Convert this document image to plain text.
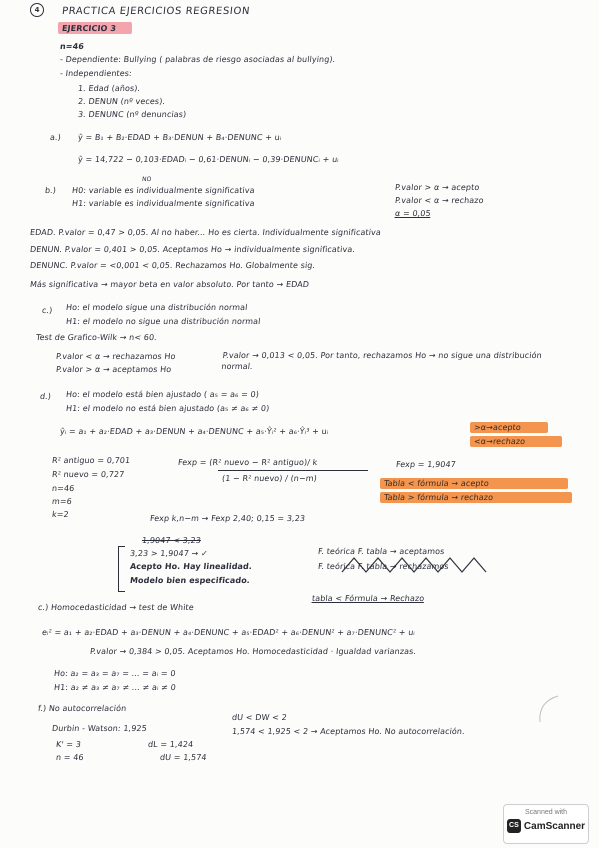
4	PRACTICA EJERCICIOS REGRESION
EJERCICIO 3
n=46
- Dependiente: Bullying ( palabras de riesgo asociadas al bullying).
- Independientes:
1. Edad (años).
2. DENUN (nº veces).
3. DENUNC (nº denuncias)
a.) ŷ = B₁ + B₂·EDAD + B₃·DENUN + B₄·DENUNC + uᵢ
ŷ = 14,722 − 0,103·EDADᵢ − 0,61·DENUNᵢ − 0,39·DENUNCᵢ + uᵢ
NO
b.) H0: variable es individualmente significativa
H1: variable es individualmente significativa
P.valor > α → acepto
P.valor < α → rechazo
α = 0,05
EDAD. P.valor = 0,47 > 0,05. Al no haber... Ho es cierta. Individualmente significativa
DENUN. P.valor = 0,401 > 0,05. Aceptamos Ho → individualmente significativa.
DENUNC. P.valor = <0,001 < 0,05. Rechazamos Ho. Globalmente sig.
Más significativa → mayor beta en valor absoluto. Por tanto → EDAD
c.) Ho: el modelo sigue una distribución normal
H1: el modelo no sigue una distribución normal
Test de Grafico-Wilk → n< 60.
P.valor < α → rechazamos Ho
P.valor > α → aceptamos Ho
P.valor → 0,013 < 0,05. Por tanto, rechazamos Ho → no sigue una distribución normal.
d.) Ho: el modelo está bien ajustado ( a₅ = a₆ = 0)
H1: el modelo no está bien ajustado (a₅ ≠ a₆ ≠ 0)
ŷᵢ = a₁ + a₂·EDAD + a₃·DENUN + a₄·DENUNC + a₅·Ŷᵢ² + a₆·Ŷᵢ³ + uᵢ	>α→acepto
<α→rechazo
R² antiguo = 0,701
R² nuevo = 0,727
n=46
m=6
k=2
Fexp = (R² nuevo − R² antiguo)/ k
(1 − R² nuevo) / (n−m)
Fexp = 1,9047
Tabla < fórmula → acepto
Tabla > fórmula → rechazo
Fexp k,n−m → Fexp 2,40; 0,15 = 3,23
1,9047 < 3,23
3,23 > 1,9047 → ✓
Acepto Ho. Hay linealidad.
Modelo bien especificado.
F. teórica F. tabla → aceptamos
F. teórica F. tabla → rechazamos
tabla < Fórmula → Rechazo
c.) Homocedasticidad → test de White
eᵢ² = a₁ + a₂·EDAD + a₃·DENUN + a₄·DENUNC + a₅·EDAD² + a₆·DENUN² + a₇·DENUNC² + uᵢ
P.valor → 0,384 > 0,05. Aceptamos Ho. Homocedasticidad · Igualdad varianzas.
Ho: a₂ = a₃ = a₇ = ... = aᵢ = 0
H1: a₂ ≠ a₃ ≠ a₇ ≠ ... ≠ aᵢ ≠ 0
f.) No autocorrelación
Durbin - Watson: 1,925
K' = 3
n = 46
dL = 1,424
dU = 1,574
dU < DW < 2
1,574 < 1,925 < 2 → Aceptamos Ho. No autocorrelación.
Scanned with
CS CamScanner
